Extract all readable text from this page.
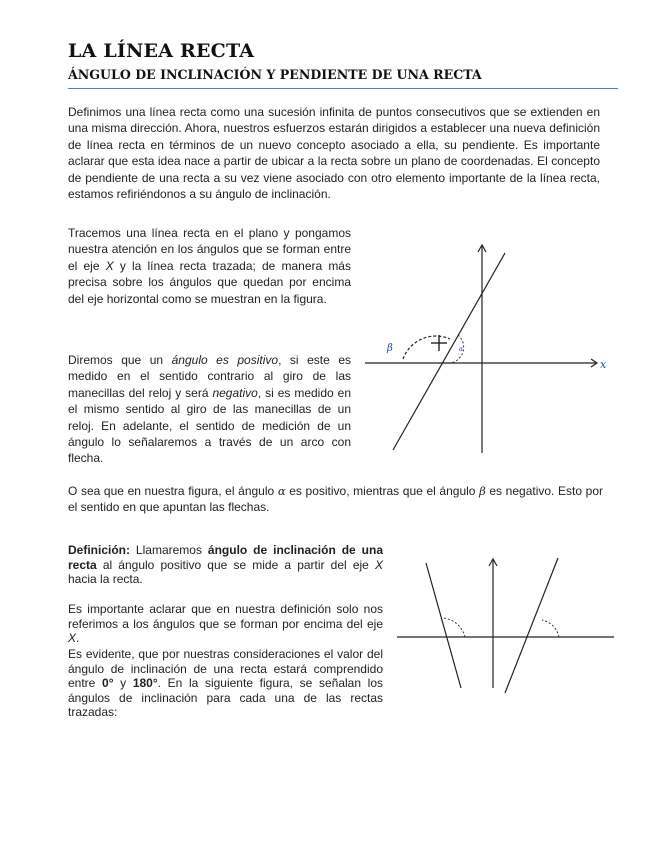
LA LÍNEA RECTA
ÁNGULO DE INCLINACIÓN Y PENDIENTE DE UNA RECTA

Definimos una línea recta como una sucesión infinita de puntos consecutivos que se extienden en una misma dirección. Ahora, nuestros esfuerzos estarán dirigidos a establecer una nueva definición de línea recta en términos de un nuevo concepto asociado a ella, su pendiente. Es importante aclarar que esta idea nace a partir de ubicar a la recta sobre un plano de coordenadas. El concepto de pendiente de una recta a su vez viene asociado con otro elemento importante de la línea recta, estamos refiriéndonos a su ángulo de inclinación.

Tracemos una línea recta en el plano y pongamos nuestra atención en los ángulos que se forman entre el eje X y la línea recta trazada; de manera más precisa sobre los ángulos que quedan por encima del eje horizontal como se muestran en la figura.

Diremos que un ángulo es positivo, si este es medido en el sentido contrario al giro de las manecillas del reloj y será negativo, si es medido en el mismo sentido al giro de las manecillas de un reloj. En adelante, el sentido de medición de un ángulo lo señalaremos a través de un arco con flecha.

O sea que en nuestra figura, el ángulo α es positivo, mientras que el ángulo β es negativo. Esto por el sentido en que apuntan las flechas.

Definición: Llamaremos ángulo de inclinación de una recta al ángulo positivo que se mide a partir del eje X hacia la recta.

Es importante aclarar que en nuestra definición solo nos referimos a los ángulos que se forman por encima del eje X.

Es evidente, que por nuestras consideraciones el valor del ángulo de inclinación de una recta estará comprendido entre 0° y 180°. En la siguiente figura, se señalan los ángulos de inclinación para cada una de las rectas trazadas:

x
β	α
